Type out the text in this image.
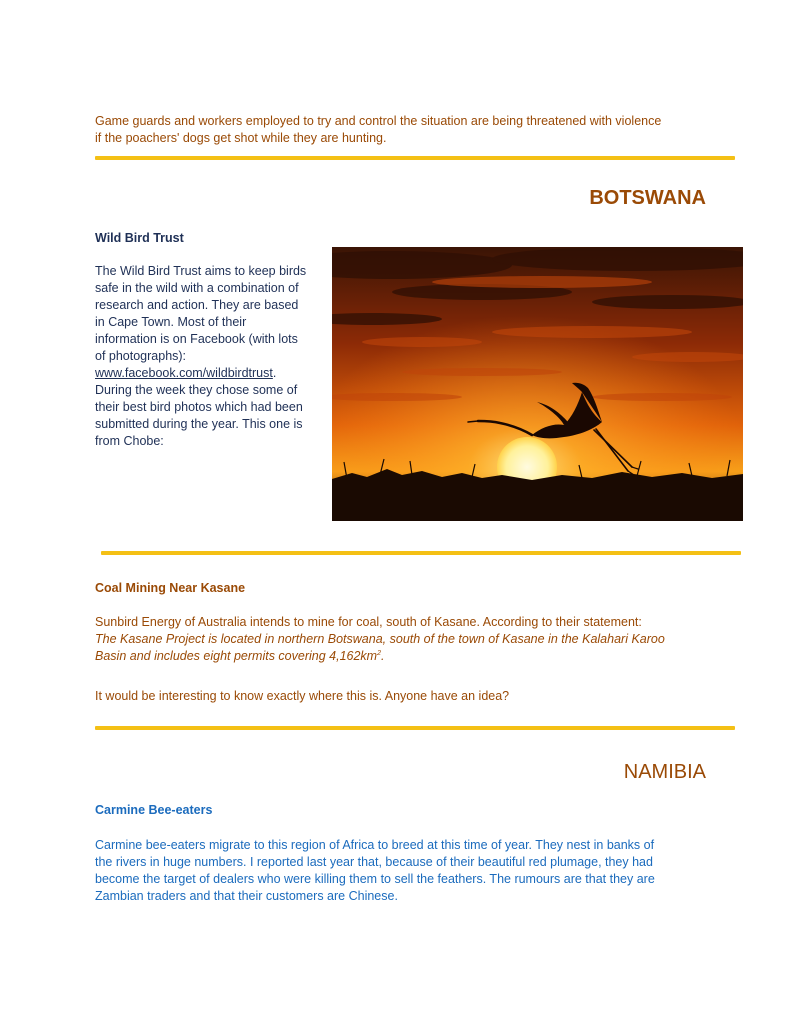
Game guards and workers employed to try and control the situation are being threatened with violence

if the poachers' dogs get shot while they are hunting.

BOTSWANA
Wild Bird Trust

The Wild Bird Trust aims to keep birds

safe in the wild with a combination of

research and action. They are based

in Cape Town. Most of their

information is on Facebook (with lots

of photographs):

www.facebook.com/wildbirdtrust.

During the week they chose some of

their best bird photos which had been

submitted during the year. This one is

from Chobe:

Coal Mining Near Kasane

Sunbird Energy of Australia intends to mine for coal, south of Kasane. According to their statement:

The Kasane Project is located in northern Botswana, south of the town of Kasane in the Kalahari Karoo

Basin and includes eight permits covering $4,162km^2$.

It would be interesting to know exactly where this is. Anyone have an idea?
NAMIBIA
Carmine Bee-eaters

Carmine bee-eaters migrate to this region of Africa to breed at this time of year. They nest in banks of

the rivers in huge numbers. I reported last year that, because of their beautiful red plumage, they had

become the target of dealers who were killing them to sell the feathers. The rumours are that they are

Zambian traders and that their customers are Chinese.
